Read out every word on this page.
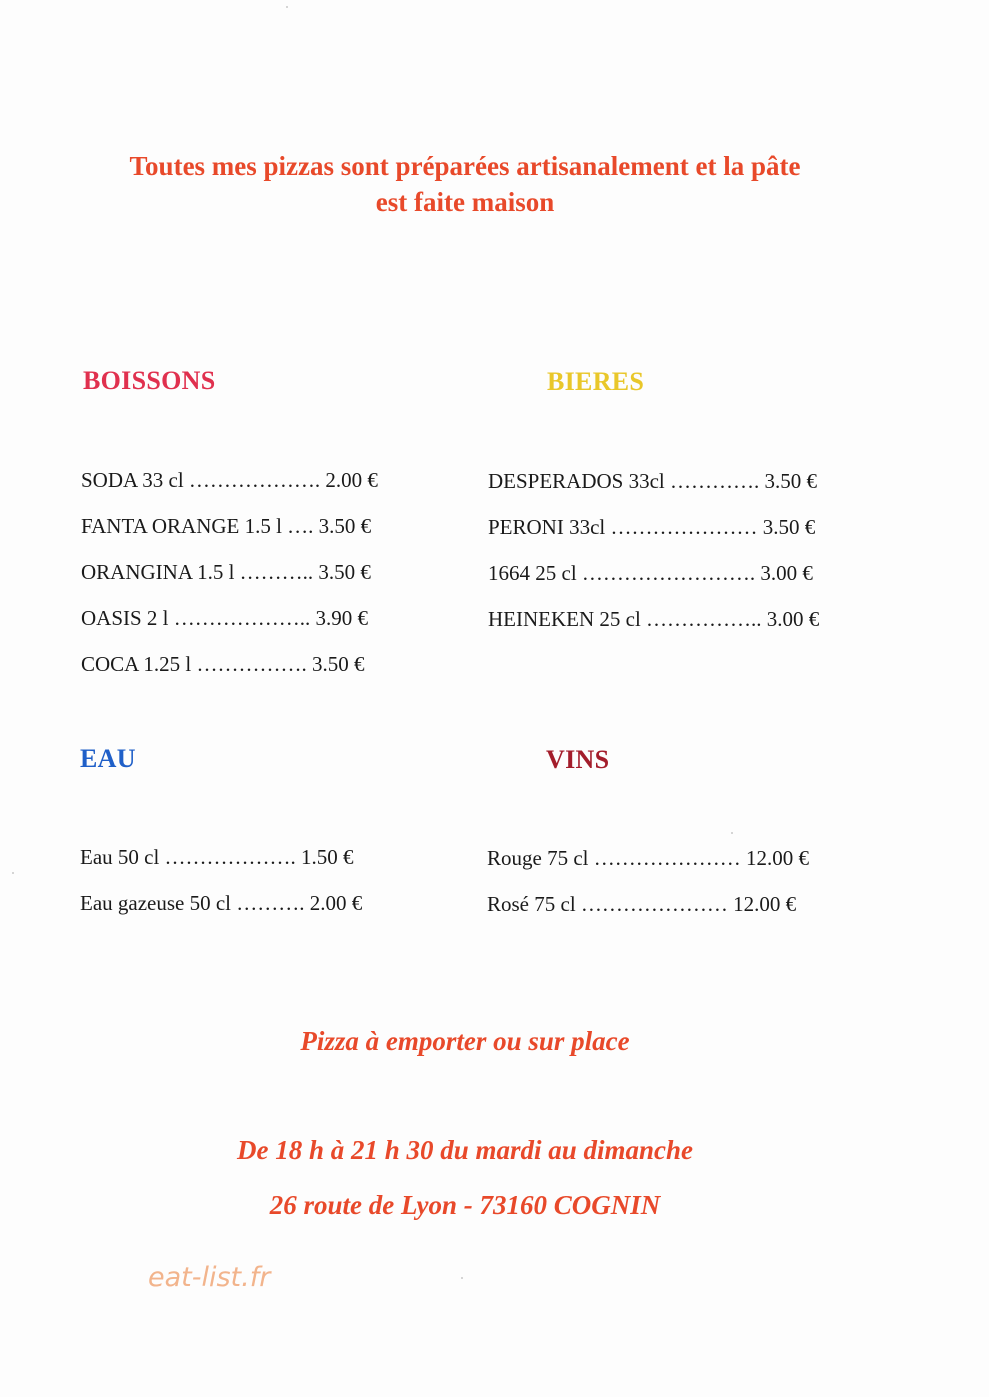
Toutes mes pizzas sont préparées artisanalement et la pâte
est faite maison
BOISSONS
SODA 33 cl ………………. 2.00 €
FANTA ORANGE 1.5 l …. 3.50 €
ORANGINA 1.5 l ……….. 3.50 €
OASIS 2 l ……………….. 3.90 €
COCA 1.25 l ……………. 3.50 €
BIERES
DESPERADOS 33cl …………. 3.50 €
PERONI 33cl ………………… 3.50 €
1664 25 cl ……………………. 3.00 €
HEINEKEN 25 cl …………….. 3.00 €
EAU
Eau 50 cl ………………. 1.50 €
Eau gazeuse 50 cl ………. 2.00 €
VINS
Rouge 75 cl ………………… 12.00 €
Rosé 75 cl ………………… 12.00 €
Pizza à emporter ou sur place
De 18 h à 21 h 30 du mardi au dimanche
26 route de Lyon - 73160 COGNIN
eat-list.fr
